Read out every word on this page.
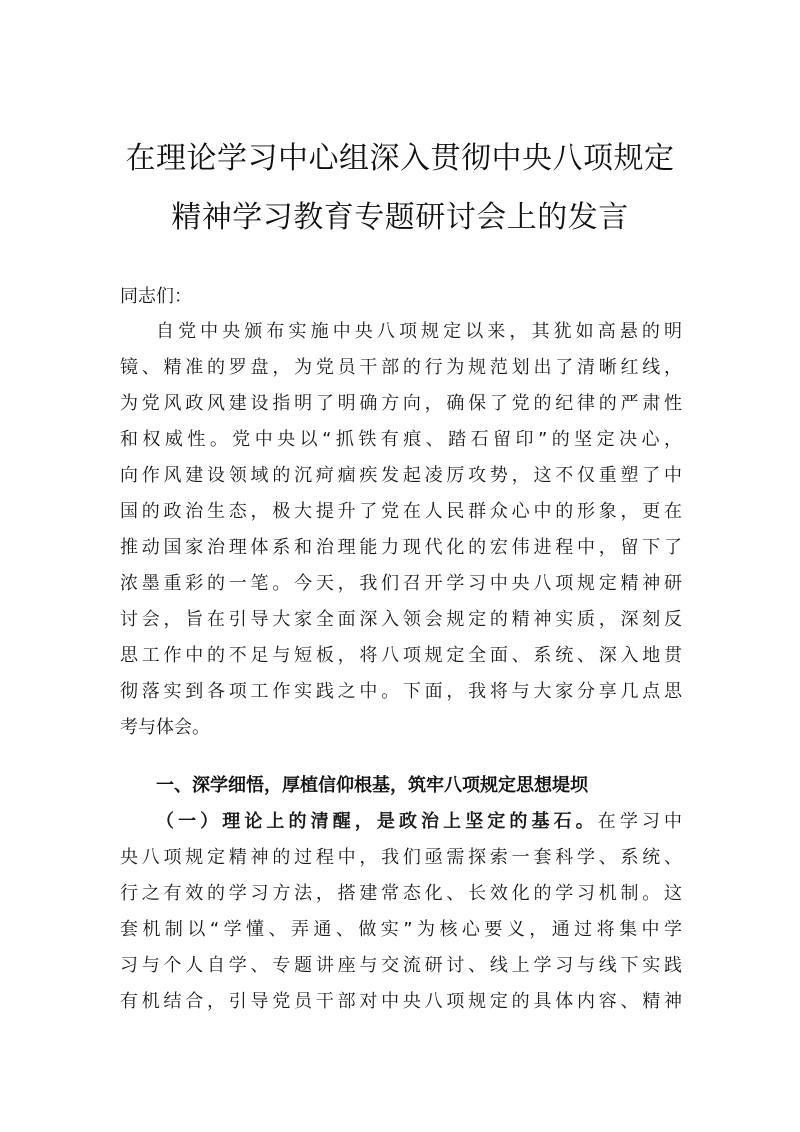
在理论学习中心组深入贯彻中央八项规定
精神学习教育专题研讨会上的发言
同志们：
自党中央颁布实施中央八项规定以来，其犹如高悬的明
镜、精准的罗盘，为党员干部的行为规范划出了清晰红线，
为党风政风建设指明了明确方向，确保了党的纪律的严肃性
和权威性。党中央以“抓铁有痕、踏石留印”的坚定决心，
向作风建设领域的沉疴痼疾发起凌厉攻势，这不仅重塑了中
国的政治生态，极大提升了党在人民群众心中的形象，更在
推动国家治理体系和治理能力现代化的宏伟进程中，留下了
浓墨重彩的一笔。今天，我们召开学习中央八项规定精神研
讨会，旨在引导大家全面深入领会规定的精神实质，深刻反
思工作中的不足与短板，将八项规定全面、系统、深入地贯
彻落实到各项工作实践之中。下面，我将与大家分享几点思
考与体会。
一、深学细悟，厚植信仰根基，筑牢八项规定思想堤坝
（一）理论上的清醒，是政治上坚定的基石。在学习中
央八项规定精神的过程中，我们亟需探索一套科学、系统、
行之有效的学习方法，搭建常态化、长效化的学习机制。这
套机制以“学懂、弄通、做实”为核心要义，通过将集中学
习与个人自学、专题讲座与交流研讨、线上学习与线下实践
有机结合，引导党员干部对中央八项规定的具体内容、精神
